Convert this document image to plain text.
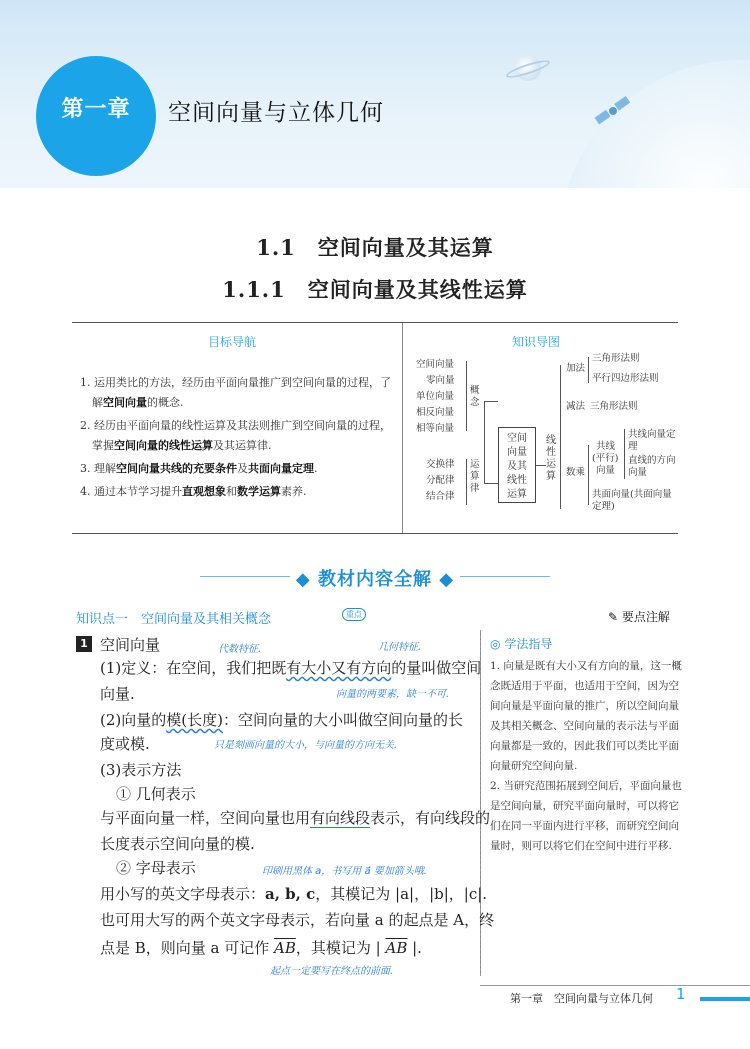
第一章	空间向量与立体几何
1.1　空间向量及其运算
1.1.1　空间向量及其线性运算
目标导航	知识导图
1. 运用类比的方法，经历由平面向量推广到空间向量的过程，了解空间向量的概念.
2. 经历由平面向量的线性运算及其法则推广到空间向量的过程，掌握空间向量的线性运算及其运算律.
3. 理解空间向量共线的充要条件及共面向量定理.
4. 通过本节学习提升直观想象和数学运算素养.
空间向量
零向量
单位向量
相反向量
相等向量
概念
交换律
分配律
结合律
运算律
空间
向量
及其
线性
运算
线性运算
加法
三角形法则
平行四边形法则
减法 三角形法则
数乘
共线
(平行)
向量
共线向量定理
直线的方向向量
共面向量(共面向量定理)
◆ 教材内容全解 ◆
知识点一　空间向量及其相关概念	重点	✎ 要点注解
1 空间向量	代数特征.	几何特征.
(1)定义：在空间，我们把既有大小又有方向的量叫做空间
向量.	向量的两要素，缺一不可.
(2)向量的模(长度)：空间向量的大小叫做空间向量的长
度或模.	只是刻画向量的大小，与向量的方向无关.
(3)表示方法
① 几何表示
与平面向量一样，空间向量也用有向线段表示，有向线段的
长度表示空间向量的模.
② 字母表示	印刷用黑体 a，书写用 a⃗ 要加箭头哦.
用小写的英文字母表示：a, b, c，其模记为 |a|，|b|，|c|.
也可用大写的两个英文字母表示，若向量 a 的起点是 A，终
点是 B，则向量 a 可记作 $\overline{AB}$，其模记为 | $\overline{AB}$ |.
起点一定要写在终点的前面.
◎ 学法指导

1. 向量是既有大小又有方向的量，这一概念既适用于平面，也适用于空间，因为空间向量是平面向量的推广，所以空间向量及其相关概念、空间向量的表示法与平面向量都是一致的，因此我们可以类比平面向量研究空间向量.

2. 当研究范围拓展到空间后，平面向量也是空间向量，研究平面向量时，可以将它们在同一平面内进行平移，而研究空间向量时，则可以将它们在空间中进行平移.

第一章　空间向量与立体几何 1
